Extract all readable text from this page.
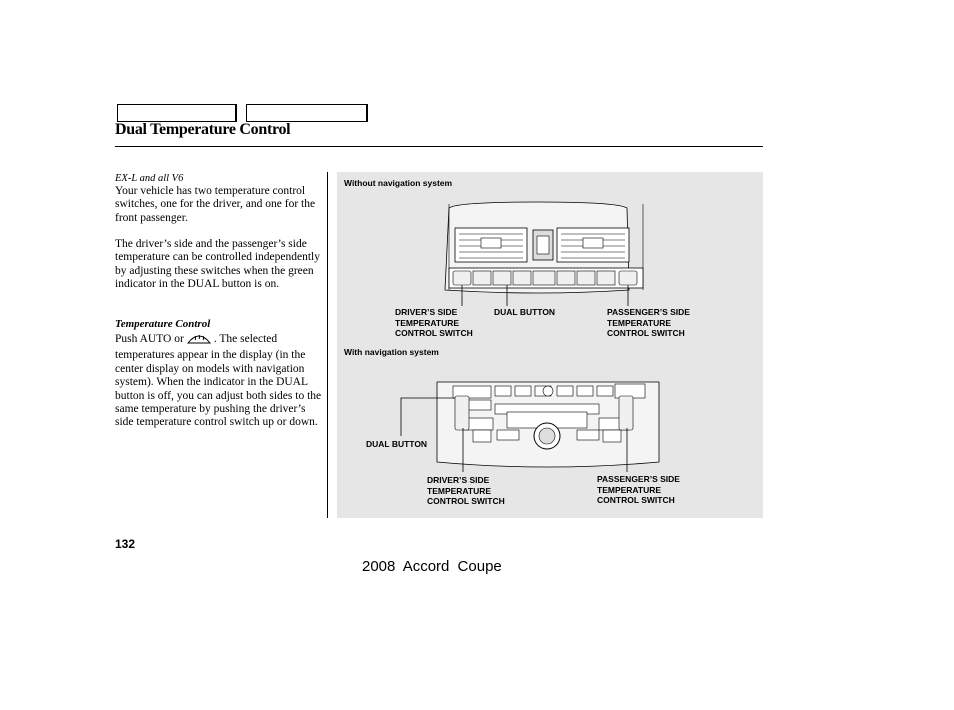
Dual Temperature Control
EX-L and all V6
Your vehicle has two temperature control switches, one for the driver, and one for the front passenger.
The driver’s side and the passenger’s side temperature can be controlled independently by adjusting these switches when the green indicator in the DUAL button is on.
Temperature Control
Push AUTO or	. The selected temperatures appear in the display (in the center display on models with navigation system). When the indicator in the DUAL button is off, you can adjust both sides to the same temperature by pushing the driver’s side temperature control switch up or down.
Without navigation system
DRIVER’S SIDE
TEMPERATURE
CONTROL SWITCH
DUAL BUTTON	PASSENGER’S SIDE
TEMPERATURE
CONTROL SWITCH
With navigation system
DUAL BUTTON
DRIVER’S SIDE
TEMPERATURE
CONTROL SWITCH
PASSENGER’S SIDE
TEMPERATURE
CONTROL SWITCH
132
2008 Accord Coupe
